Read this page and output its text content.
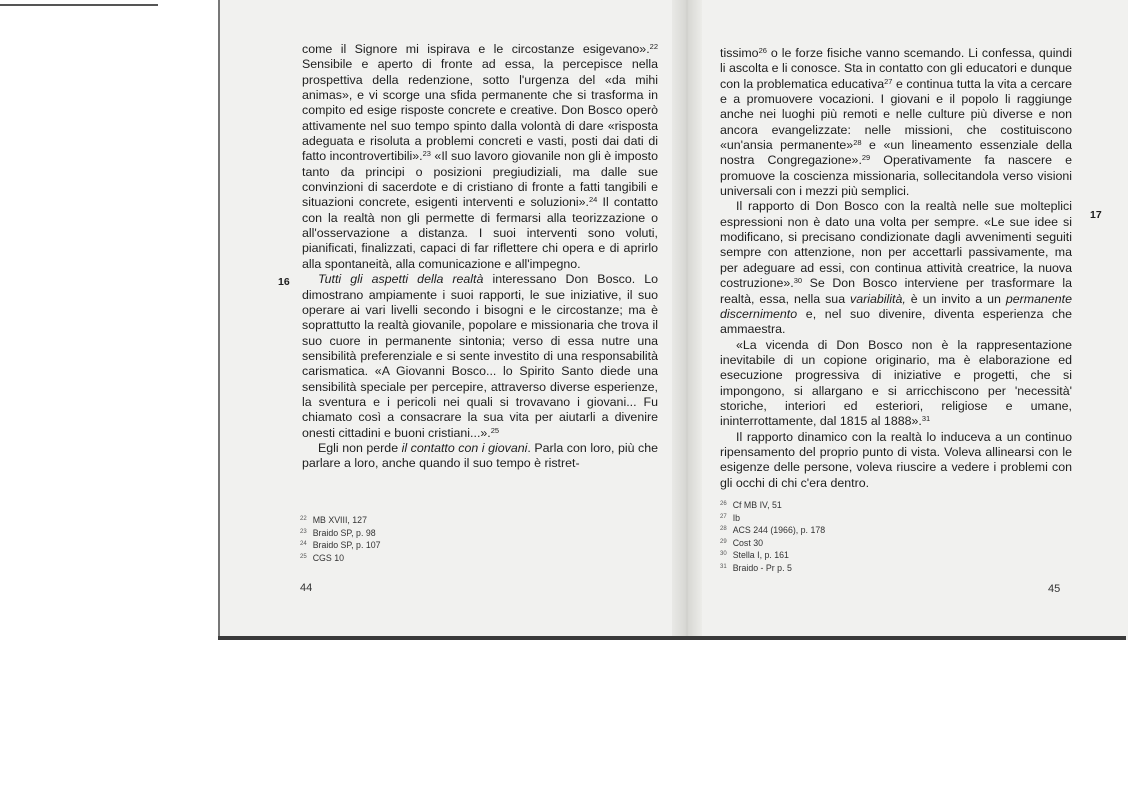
16

come il Signore mi ispirava e le circostanze esigevano».$^{22}$ Sensibile e aperto di fronte ad essa, la percepisce nella prospettiva della redenzione, sotto l'urgenza del «da mihi animas», e vi scorge una sfida permanente che si trasforma in compito ed esige risposte concrete e creative. Don Bosco operò attivamente nel suo tempo spinto dalla volontà di dare «risposta adeguata e risoluta a problemi concreti e vasti, posti dai dati di fatto incontrovertibili».$^{23}$ «Il suo lavoro giovanile non gli è imposto tanto da principi o posizioni pregiudiziali, ma dalle sue convinzioni di sacerdote e di cristiano di fronte a fatti tangibili e situazioni concrete, esigenti interventi e soluzioni».$^{24}$ Il contatto con la realtà non gli permette di fermarsi alla teorizzazione o all'osservazione a distanza. I suoi interventi sono voluti, pianificati, finalizzati, capaci di far riflettere chi opera e di aprirlo alla spontaneità, alla comunicazione e all'impegno.

Tutti gli aspetti della realtà interessano Don Bosco. Lo dimostrano ampiamente i suoi rapporti, le sue iniziative, il suo operare ai vari livelli secondo i bisogni e le circostanze; ma è soprattutto la realtà giovanile, popolare e missionaria che trova il suo cuore in permanente sintonia; verso di essa nutre una sensibilità preferenziale e si sente investito di una responsabilità carismatica. «A Giovanni Bosco... lo Spirito Santo diede una sensibilità speciale per percepire, attraverso diverse esperienze, la sventura e i pericoli nei quali si trovavano i giovani... Fu chiamato così a consacrare la sua vita per aiutarli a divenire onesti cittadini e buoni cristiani...».$^{25}$

Egli non perde il contatto con i giovani. Parla con loro, più che parlare a loro, anche quando il suo tempo è ristret-

$^{22}$ MB XVIII, 127
$^{23}$ Braido SP, p. 98
$^{24}$ Braido SP, p. 107
$^{25}$ CGS 10
44
17

tissimo$^{26}$ o le forze fisiche vanno scemando. Li confessa, quindi li ascolta e li conosce. Sta in contatto con gli educatori e dunque con la problematica educativa$^{27}$ e continua tutta la vita a cercare e a promuovere vocazioni. I giovani e il popolo li raggiunge anche nei luoghi più remoti e nelle culture più diverse e non ancora evangelizzate: nelle missioni, che costituiscono «un'ansia permanente»$^{28}$ e «un lineamento essenziale della nostra Congregazione».$^{29}$ Operativamente fa nascere e promuove la coscienza missionaria, sollecitandola verso visioni universali con i mezzi più semplici.

Il rapporto di Don Bosco con la realtà nelle sue molteplici espressioni non è dato una volta per sempre. «Le sue idee si modificano, si precisano condizionate dagli avvenimenti seguiti sempre con attenzione, non per accettarli passivamente, ma per adeguare ad essi, con continua attività creatrice, la nuova costruzione».$^{30}$ Se Don Bosco interviene per trasformare la realtà, essa, nella sua variabilità, è un invito a un permanente discernimento e, nel suo divenire, diventa esperienza che ammaestra.

«La vicenda di Don Bosco non è la rappresentazione inevitabile di un copione originario, ma è elaborazione ed esecuzione progressiva di iniziative e progetti, che si impongono, si allargano e si arricchiscono per 'necessità' storiche, interiori ed esteriori, religiose e umane, ininterrottamente, dal 1815 al 1888».$^{31}$

Il rapporto dinamico con la realtà lo induceva a un continuo ripensamento del proprio punto di vista. Voleva allinearsi con le esigenze delle persone, voleva riuscire a vedere i problemi con gli occhi di chi c'era dentro.

$^{26}$ Cf MB IV, 51
$^{27}$ Ib
$^{28}$ ACS 244 (1966), p. 178
$^{29}$ Cost 30
$^{30}$ Stella I, p. 161
$^{31}$ Braido - Pr p. 5
45
